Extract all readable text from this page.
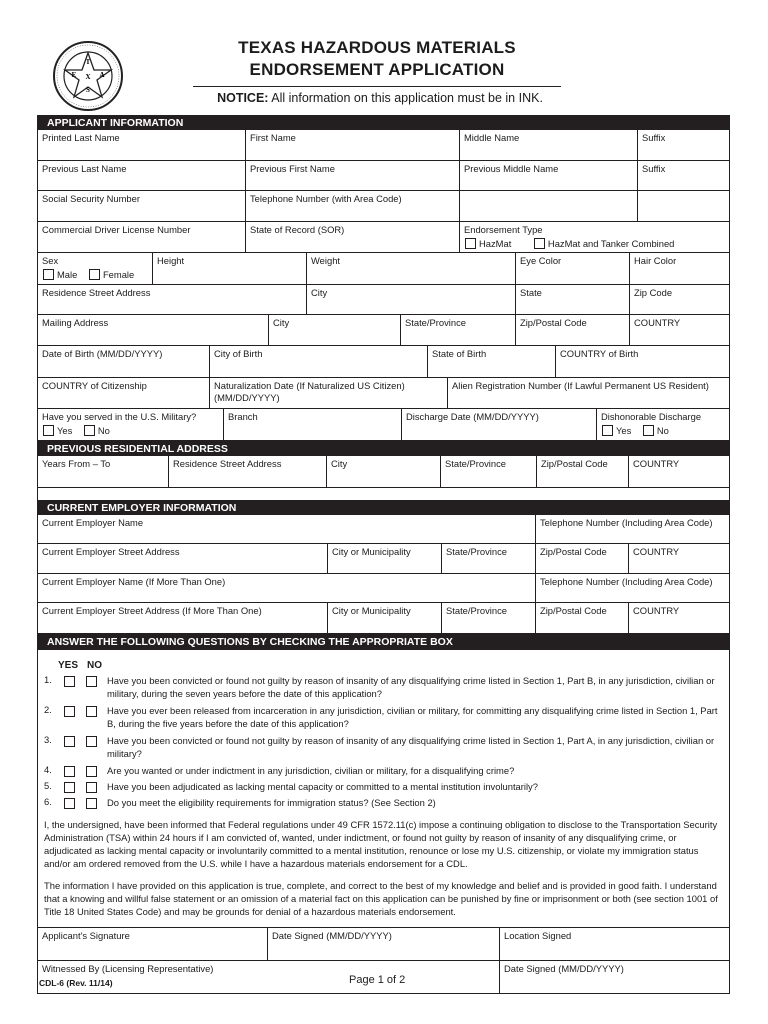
T
E X A
S
TEXAS HAZARDOUS MATERIALS
ENDORSEMENT APPLICATION
NOTICE: All information on this application must be in INK.
APPLICANT INFORMATION
Printed Last Name	First Name	Middle Name	Suffix
Previous Last Name	Previous First Name	Previous Middle Name	Suffix
Social Security Number	Telephone Number (with Area Code)
Commercial Driver License Number	State of Record (SOR)	Endorsement Type
HazMat	HazMat and Tanker Combined
Sex
Male	Female
Height	Weight	Eye Color	Hair Color
Residence Street Address	City	State	Zip Code
Mailing Address	City	State/Province	Zip/Postal Code	COUNTRY
Date of Birth (MM/DD/YYYY)	City of Birth	State of Birth	COUNTRY of Birth
COUNTRY of Citizenship	Naturalization Date (If Naturalized US Citizen) (MM/DD/YYYY)
Alien Registration Number (If Lawful Permanent US Resident)
Have you served in the U.S. Military?
Yes	No
Branch	Discharge Date (MM/DD/YYYY)	Dishonorable Discharge
Yes	No
PREVIOUS RESIDENTIAL ADDRESS
Years From – To	Residence Street Address	City	State/Province	Zip/Postal Code	COUNTRY
CURRENT EMPLOYER INFORMATION
Current Employer Name	Telephone Number (Including Area Code)
Current Employer Street Address	City or Municipality	State/Province	Zip/Postal Code	COUNTRY
Current Employer Name (If More Than One)	Telephone Number (Including Area Code)
Current Employer Street Address (If More Than One)	City or Municipality	State/Province	Zip/Postal Code	COUNTRY
ANSWER THE FOLLOWING QUESTIONS BY CHECKING THE APPROPRIATE BOX
YES NO
1.	Have you been convicted or found not guilty by reason of insanity of any disqualifying crime listed in Section 1, Part B, in any jurisdiction, civilian or military, during the seven years before the date of this application?
2.	Have you ever been released from incarceration in any jurisdiction, civilian or military, for committing any disqualifying crime listed in Section 1, Part B, during the five years before the date of this application?
3.	Have you been convicted or found not guilty by reason of insanity of any disqualifying crime listed in Section 1, Part A, in any jurisdiction, civilian or military?
4.	Are you wanted or under indictment in any jurisdiction, civilian or military, for a disqualifying crime?
5.	Have you been adjudicated as lacking mental capacity or committed to a mental institution involuntarily?
6.	Do you meet the eligibility requirements for immigration status? (See Section 2)
I, the undersigned, have been informed that Federal regulations under 49 CFR 1572.11(c) impose a continuing obligation to disclose to the Transportation Security Administration (TSA) within 24 hours if I am convicted of, wanted, under indictment, or found not guilty by reason of insanity of any disqualifying crime, or adjudicated as lacking mental capacity or involuntarily committed to a mental institution, renounce or lose my U.S. citizenship, or violate my immigration status and/or am ordered removed from the U.S. while I have a hazardous materials endorsement for a CDL.
The information I have provided on this application is true, complete, and correct to the best of my knowledge and belief and is provided in good faith. I understand that a knowing and willful false statement or an omission of a material fact on this application can be punished by fine or imprisonment or both (see section 1001 of Title 18 United States Code) and may be grounds for denial of a hazardous materials endorsement.
Applicant's Signature	Date Signed (MM/DD/YYYY)	Location Signed
Witnessed By (Licensing Representative)	Date Signed (MM/DD/YYYY)
CDL-6 (Rev. 11/14)	Page 1 of 2
